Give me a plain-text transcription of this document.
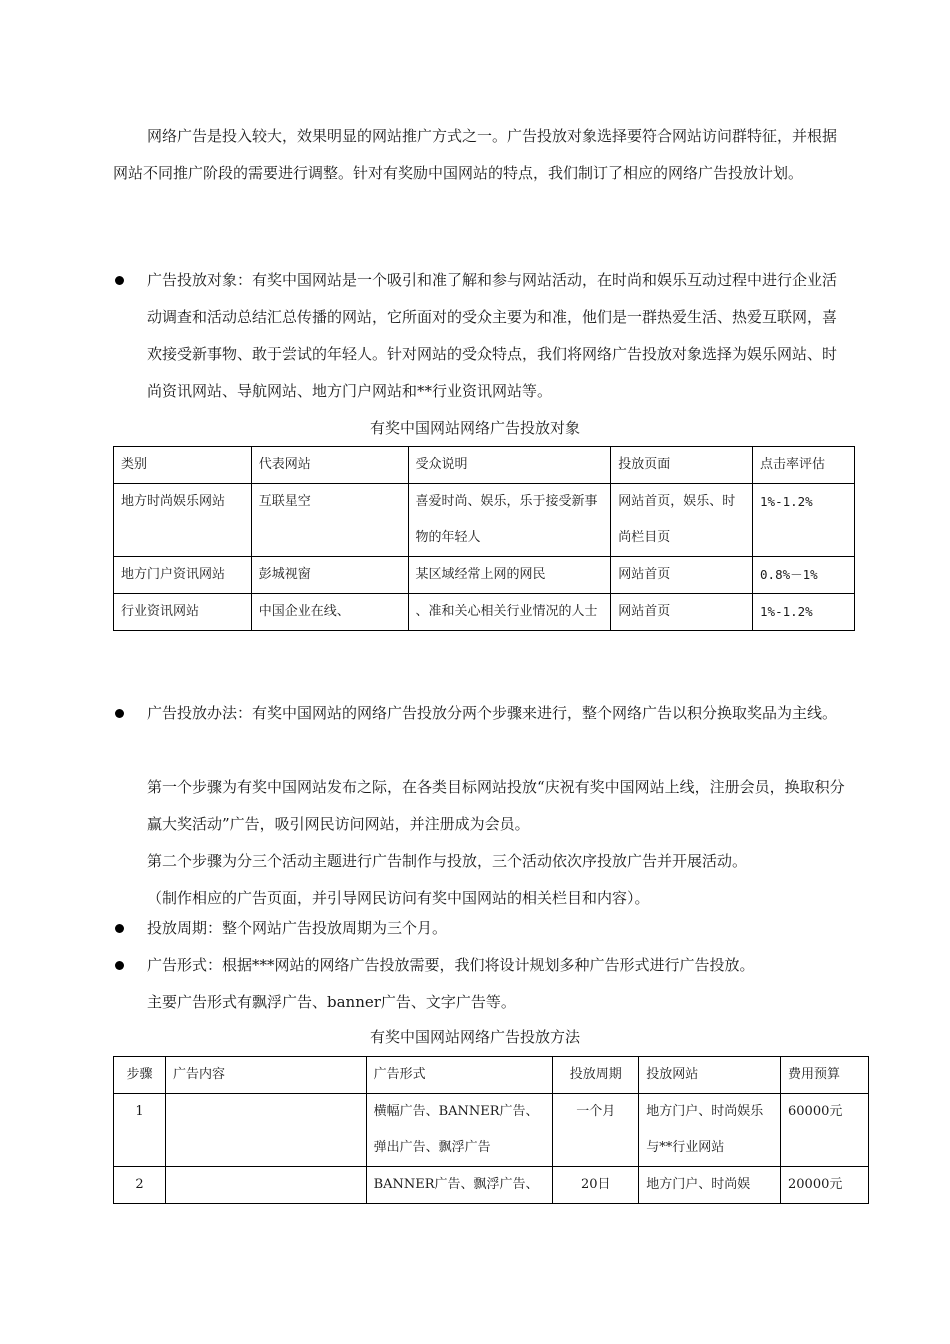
网络广告是投入较大，效果明显的网站推广方式之一。广告投放对象选择要符合网站访问群特征，并根据网站不同推广阶段的需要进行调整。针对有奖励中国网站的特点，我们制订了相应的网络广告投放计划。

广告投放对象：有奖中国网站是一个吸引和准了解和参与网站活动，在时尚和娱乐互动过程中进行企业活动调查和活动总结汇总传播的网站，它所面对的受众主要为和准，他们是一群热爱生活、热爱互联网，喜欢接受新事物、敢于尝试的年轻人。针对网站的受众特点，我们将网络广告投放对象选择为娱乐网站、时尚资讯网站、导航网站、地方门户网站和**行业资讯网站等。

有奖中国网站网络广告投放对象
类别	代表网站	受众说明	投放页面	点击率评估
地方时尚娱乐网站	互联星空	喜爱时尚、娱乐，乐于接受新事物的年轻人	网站首页，娱乐、时尚栏目页	1%-1.2%
地方门户资讯网站	彭城视窗	某区域经常上网的网民	网站首页	0.8%－1%
行业资讯网站	中国企业在线、	、准和关心相关行业情况的人士	网站首页	1%-1.2%

广告投放办法：有奖中国网站的网络广告投放分两个步骤来进行，整个网络广告以积分换取奖品为主线。

第一个步骤为有奖中国网站发布之际，在各类目标网站投放“庆祝有奖中国网站上线，注册会员，换取积分赢大奖活动”广告，吸引网民访问网站，并注册成为会员。

第二个步骤为分三个活动主题进行广告制作与投放，三个活动依次序投放广告并开展活动。

（制作相应的广告页面，并引导网民访问有奖中国网站的相关栏目和内容）。

投放周期：整个网站广告投放周期为三个月。

广告形式：根据***网站的网络广告投放需要，我们将设计规划多种广告形式进行广告投放。

主要广告形式有飘浮广告、banner广告、文字广告等。

有奖中国网站网络广告投放方法
步骤	广告内容	广告形式	投放周期	投放网站	费用预算
1		横幅广告、BANNER广告、弹出广告、飘浮广告	一个月	地方门户、时尚娱乐与**行业网站	60000元
2		BANNER广告、飘浮广告、	20日	地方门户、时尚娱	20000元
